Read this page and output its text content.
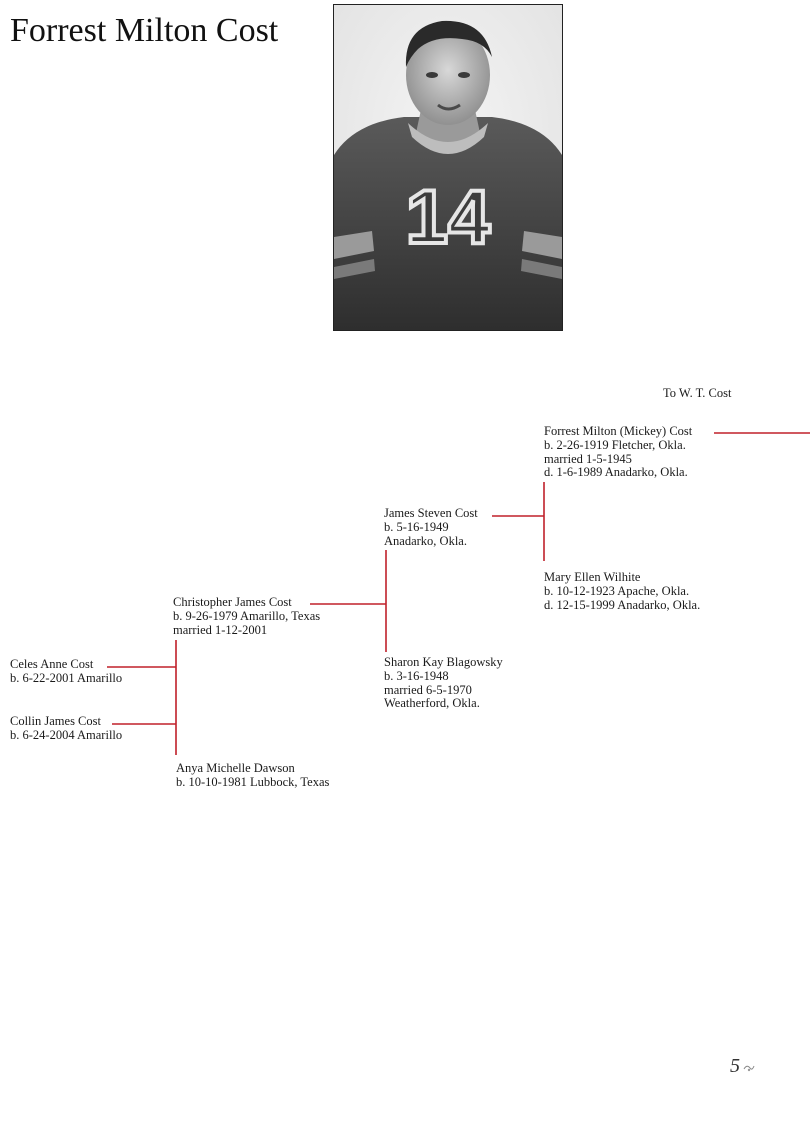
Forrest Milton Cost
14
To W. T. Cost
Forrest Milton (Mickey) Cost
b. 2-26-1919 Fletcher, Okla.
married 1-5-1945
d. 1-6-1989 Anadarko, Okla.
Mary Ellen Wilhite
b. 10-12-1923 Apache, Okla.
d. 12-15-1999 Anadarko, Okla.
James Steven Cost
b. 5-16-1949
Anadarko, Okla.
Sharon Kay Blagowsky
b. 3-16-1948
married 6-5-1970
Weatherford, Okla.
Christopher James Cost
b. 9-26-1979 Amarillo, Texas
married 1-12-2001
Anya Michelle Dawson
b. 10-10-1981 Lubbock, Texas
Celes Anne Cost
b. 6-22-2001 Amarillo
Collin James Cost
b. 6-24-2004 Amarillo
5
